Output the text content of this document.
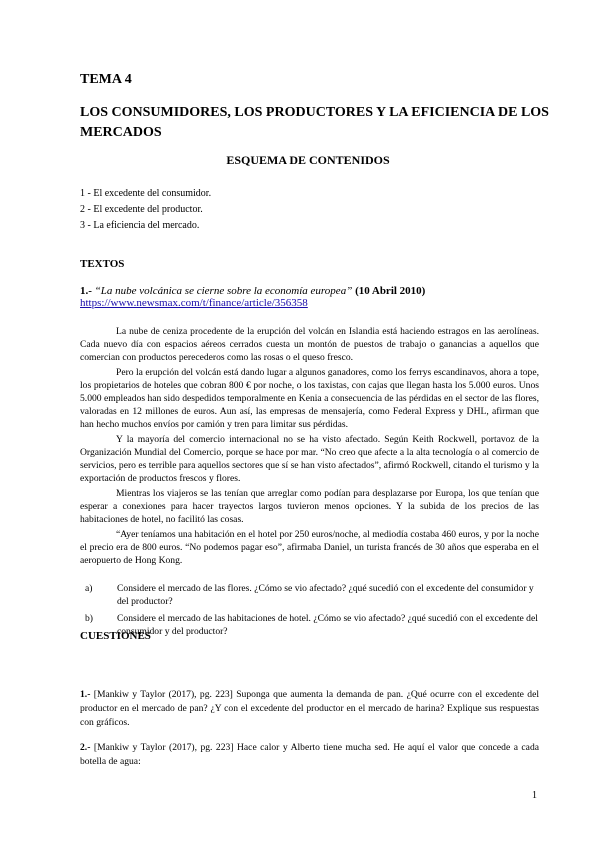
TEMA 4
LOS CONSUMIDORES, LOS PRODUCTORES Y LA EFICIENCIA DE LOS MERCADOS
ESQUEMA DE CONTENIDOS
1 - El excedente del consumidor.
2 - El excedente del productor.
3 - La eficiencia del mercado.
TEXTOS
1.- “La nube volcánica se cierne sobre la economía europea” (10 Abril 2010)
https://www.newsmax.com/t/finance/article/356358

La nube de ceniza procedente de la erupción del volcán en Islandia está haciendo estragos en las aerolíneas. Cada nuevo día con espacios aéreos cerrados cuesta un montón de puestos de trabajo o ganancias a aquellos que comercian con productos perecederos como las rosas o el queso fresco.

Pero la erupción del volcán está dando lugar a algunos ganadores, como los ferrys escandinavos, ahora a tope, los propietarios de hoteles que cobran 800 € por noche, o los taxistas, con cajas que llegan hasta los 5.000 euros. Unos 5.000 empleados han sido despedidos temporalmente en Kenia a consecuencia de las pérdidas en el sector de las flores, valoradas en 12 millones de euros. Aun así, las empresas de mensajería, como Federal Express y DHL, afirman que han hecho muchos envíos por camión y tren para limitar sus pérdidas.

Y la mayoría del comercio internacional no se ha visto afectado. Según Keith Rockwell, portavoz de la Organización Mundial del Comercio, porque se hace por mar. “No creo que afecte a la alta tecnología o al comercio de servicios, pero es terrible para aquellos sectores que sí se han visto afectados”, afirmó Rockwell, citando el turismo y la exportación de productos frescos y flores.

Mientras los viajeros se las tenían que arreglar como podían para desplazarse por Europa, los que tenían que esperar a conexiones para hacer trayectos largos tuvieron menos opciones. Y la subida de los precios de las habitaciones de hotel, no facilitó las cosas.

“Ayer teníamos una habitación en el hotel por 250 euros/noche, al mediodía costaba 460 euros, y por la noche el precio era de 800 euros. “No podemos pagar eso”, afirmaba Daniel, un turista francés de 30 años que esperaba en el aeropuerto de Hong Kong.

a)	Considere el mercado de las flores. ¿Cómo se vio afectado? ¿qué sucedió con el excedente del consumidor y del productor?
b)	Considere el mercado de las habitaciones de hotel. ¿Cómo se vio afectado? ¿qué sucedió con el excedente del consumidor y del productor?
CUESTIONES
1.- [Mankiw y Taylor (2017), pg. 223] Suponga que aumenta la demanda de pan. ¿Qué ocurre con el excedente del productor en el mercado de pan? ¿Y con el excedente del productor en el mercado de harina? Explique sus respuestas con gráficos.
2.- [Mankiw y Taylor (2017), pg. 223] Hace calor y Alberto tiene mucha sed. He aquí el valor que concede a cada botella de agua:
1
